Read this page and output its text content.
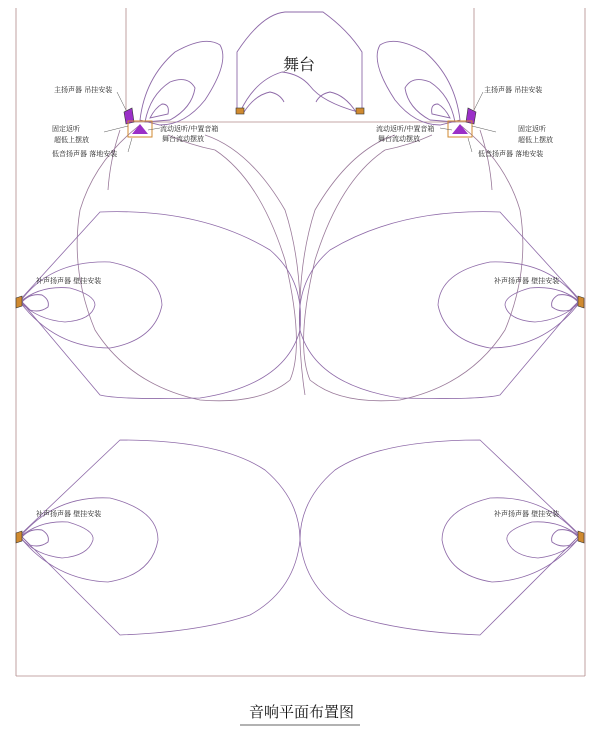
舞台
主扬声器 吊挂安装	主扬声器 吊挂安装
固定返听
超低上摆放
固定返听
超低上摆放
低音扬声器 落地安装	低音扬声器 落地安装
流动返听/中置音箱
舞台流动摆放
流动返听/中置音箱
舞台流动摆放
补声扬声器 壁挂安装	补声扬声器 壁挂安装
补声扬声器 壁挂安装	补声扬声器 壁挂安装
音响平面布置图
